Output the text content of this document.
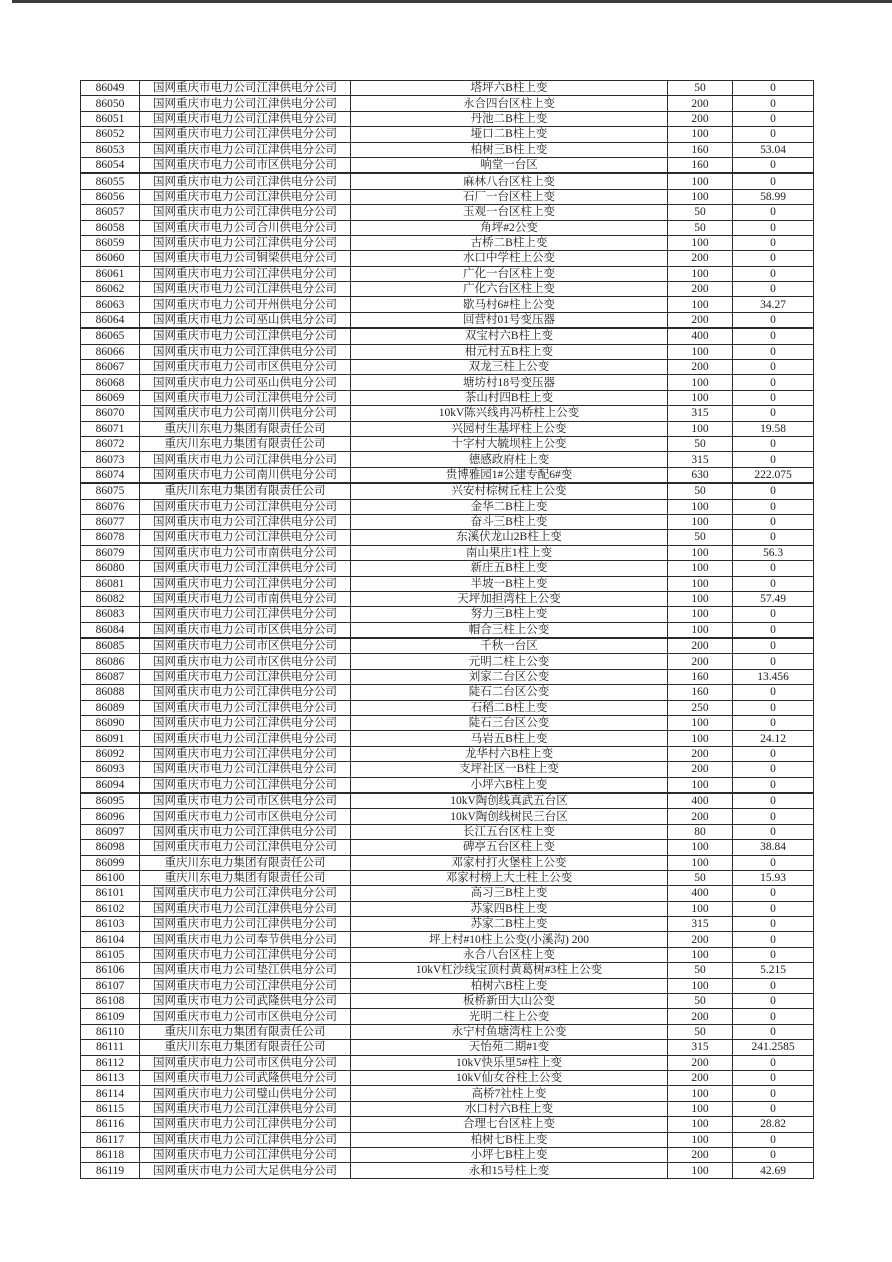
86049	国网重庆市电力公司江津供电分公司	塔坪六B柱上变	50	0
86050	国网重庆市电力公司江津供电分公司	永合四台区柱上变	200	0
86051	国网重庆市电力公司江津供电分公司	丹池二B柱上变	200	0
86052	国网重庆市电力公司江津供电分公司	垭口二B柱上变	100	0
86053	国网重庆市电力公司江津供电分公司	柏树三B柱上变	160	53.04
86054	国网重庆市电力公司市区供电分公司	响堂一台区	160	0
86055	国网重庆市电力公司江津供电分公司	麻林八台区柱上变	100	0
86056	国网重庆市电力公司江津供电分公司	石厂一台区柱上变	100	58.99
86057	国网重庆市电力公司江津供电分公司	玉观一台区柱上变	50	0
86058	国网重庆市电力公司合川供电分公司	角坪#2公变	50	0
86059	国网重庆市电力公司江津供电分公司	古桥二B柱上变	100	0
86060	国网重庆市电力公司铜梁供电分公司	水口中学柱上公变	200	0
86061	国网重庆市电力公司江津供电分公司	广化一台区柱上变	100	0
86062	国网重庆市电力公司江津供电分公司	广化六台区柱上变	200	0
86063	国网重庆市电力公司开州供电分公司	歇马村6#柱上公变	100	34.27
86064	国网重庆市电力公司巫山供电分公司	回营村01号变压器	200	0
86065	国网重庆市电力公司江津供电分公司	双宝村六B柱上变	400	0
86066	国网重庆市电力公司江津供电分公司	柑元村五B柱上变	100	0
86067	国网重庆市电力公司市区供电分公司	双龙三柱上公变	200	0
86068	国网重庆市电力公司巫山供电分公司	塘坊村18号变压器	100	0
86069	国网重庆市电力公司江津供电分公司	茶山村四B柱上变	100	0
86070	国网重庆市电力公司南川供电分公司	10kV陈兴线冉冯桥柱上公变	315	0
86071	重庆川东电力集团有限责任公司	兴园村生基坪柱上公变	100	19.58
86072	重庆川东电力集团有限责任公司	十字村大毓坝柱上公变	50	0
86073	国网重庆市电力公司江津供电分公司	德感政府柱上变	315	0
86074	国网重庆市电力公司南川供电分公司	贵博雅园1#公建专配6#变	630	222.075
86075	重庆川东电力集团有限责任公司	兴安村棕树丘柱上公变	50	0
86076	国网重庆市电力公司江津供电分公司	金华二B柱上变	100	0
86077	国网重庆市电力公司江津供电分公司	奋斗三B柱上变	100	0
86078	国网重庆市电力公司江津供电分公司	东溪伏龙山2B柱上变	50	0
86079	国网重庆市电力公司市南供电分公司	南山果庄1柱上变	100	56.3
86080	国网重庆市电力公司江津供电分公司	新庄五B柱上变	100	0
86081	国网重庆市电力公司江津供电分公司	半坡一B柱上变	100	0
86082	国网重庆市电力公司市南供电分公司	天坪加担湾柱上公变	100	57.49
86083	国网重庆市电力公司江津供电分公司	努力三B柱上变	100	0
86084	国网重庆市电力公司市区供电分公司	帽合三柱上公变	100	0
86085	国网重庆市电力公司市区供电分公司	千秋一台区	200	0
86086	国网重庆市电力公司市区供电分公司	元明二柱上公变	200	0
86087	国网重庆市电力公司江津供电分公司	刘家二台区公变	160	13.456
86088	国网重庆市电力公司江津供电分公司	陡石二台区公变	160	0
86089	国网重庆市电力公司江津供电分公司	石稻二B柱上变	250	0
86090	国网重庆市电力公司江津供电分公司	陡石三台区公变	100	0
86091	国网重庆市电力公司江津供电分公司	马岩五B柱上变	100	24.12
86092	国网重庆市电力公司江津供电分公司	龙华村六B柱上变	200	0
86093	国网重庆市电力公司江津供电分公司	支坪社区一B柱上变	200	0
86094	国网重庆市电力公司江津供电分公司	小坪六B柱上变	100	0
86095	国网重庆市电力公司市区供电分公司	10kV陶创线真武五台区	400	0
86096	国网重庆市电力公司市区供电分公司	10kV陶创线树民三台区	200	0
86097	国网重庆市电力公司江津供电分公司	长江五台区柱上变	80	0
86098	国网重庆市电力公司江津供电分公司	碑亭五台区柱上变	100	38.84
86099	重庆川东电力集团有限责任公司	邓家村打火堡柱上公变	100	0
86100	重庆川东电力集团有限责任公司	邓家村榜上大土柱上公变	50	15.93
86101	国网重庆市电力公司江津供电分公司	高习三B柱上变	400	0
86102	国网重庆市电力公司江津供电分公司	苏家四B柱上变	100	0
86103	国网重庆市电力公司江津供电分公司	苏家二B柱上变	315	0
86104	国网重庆市电力公司奉节供电分公司	坪上村#10柱上公变(小溪沟) 200	200	0
86105	国网重庆市电力公司江津供电分公司	永合八台区柱上变	100	0
86106	国网重庆市电力公司垫江供电分公司	10kV杠沙线宝顶村黄葛树#3柱上公变	50	5.215
86107	国网重庆市电力公司江津供电分公司	柏树六B柱上变	100	0
86108	国网重庆市电力公司武隆供电分公司	板桥新田大山公变	50	0
86109	国网重庆市电力公司市区供电分公司	光明二柱上公变	200	0
86110	重庆川东电力集团有限责任公司	永宁村鱼塘湾柱上公变	50	0
86111	重庆川东电力集团有限责任公司	天怡苑二期#1变	315	241.2585
86112	国网重庆市电力公司市区供电分公司	10kV快乐里5#柱上变	200	0
86113	国网重庆市电力公司武隆供电分公司	10kV仙女谷柱上公变	200	0
86114	国网重庆市电力公司璧山供电分公司	高桥7社柱上变	100	0
86115	国网重庆市电力公司江津供电分公司	水口村六B柱上变	100	0
86116	国网重庆市电力公司江津供电分公司	合理七台区柱上变	100	28.82
86117	国网重庆市电力公司江津供电分公司	柏树七B柱上变	100	0
86118	国网重庆市电力公司江津供电分公司	小坪七B柱上变	200	0
86119	国网重庆市电力公司大足供电分公司	永和15号柱上变	100	42.69
